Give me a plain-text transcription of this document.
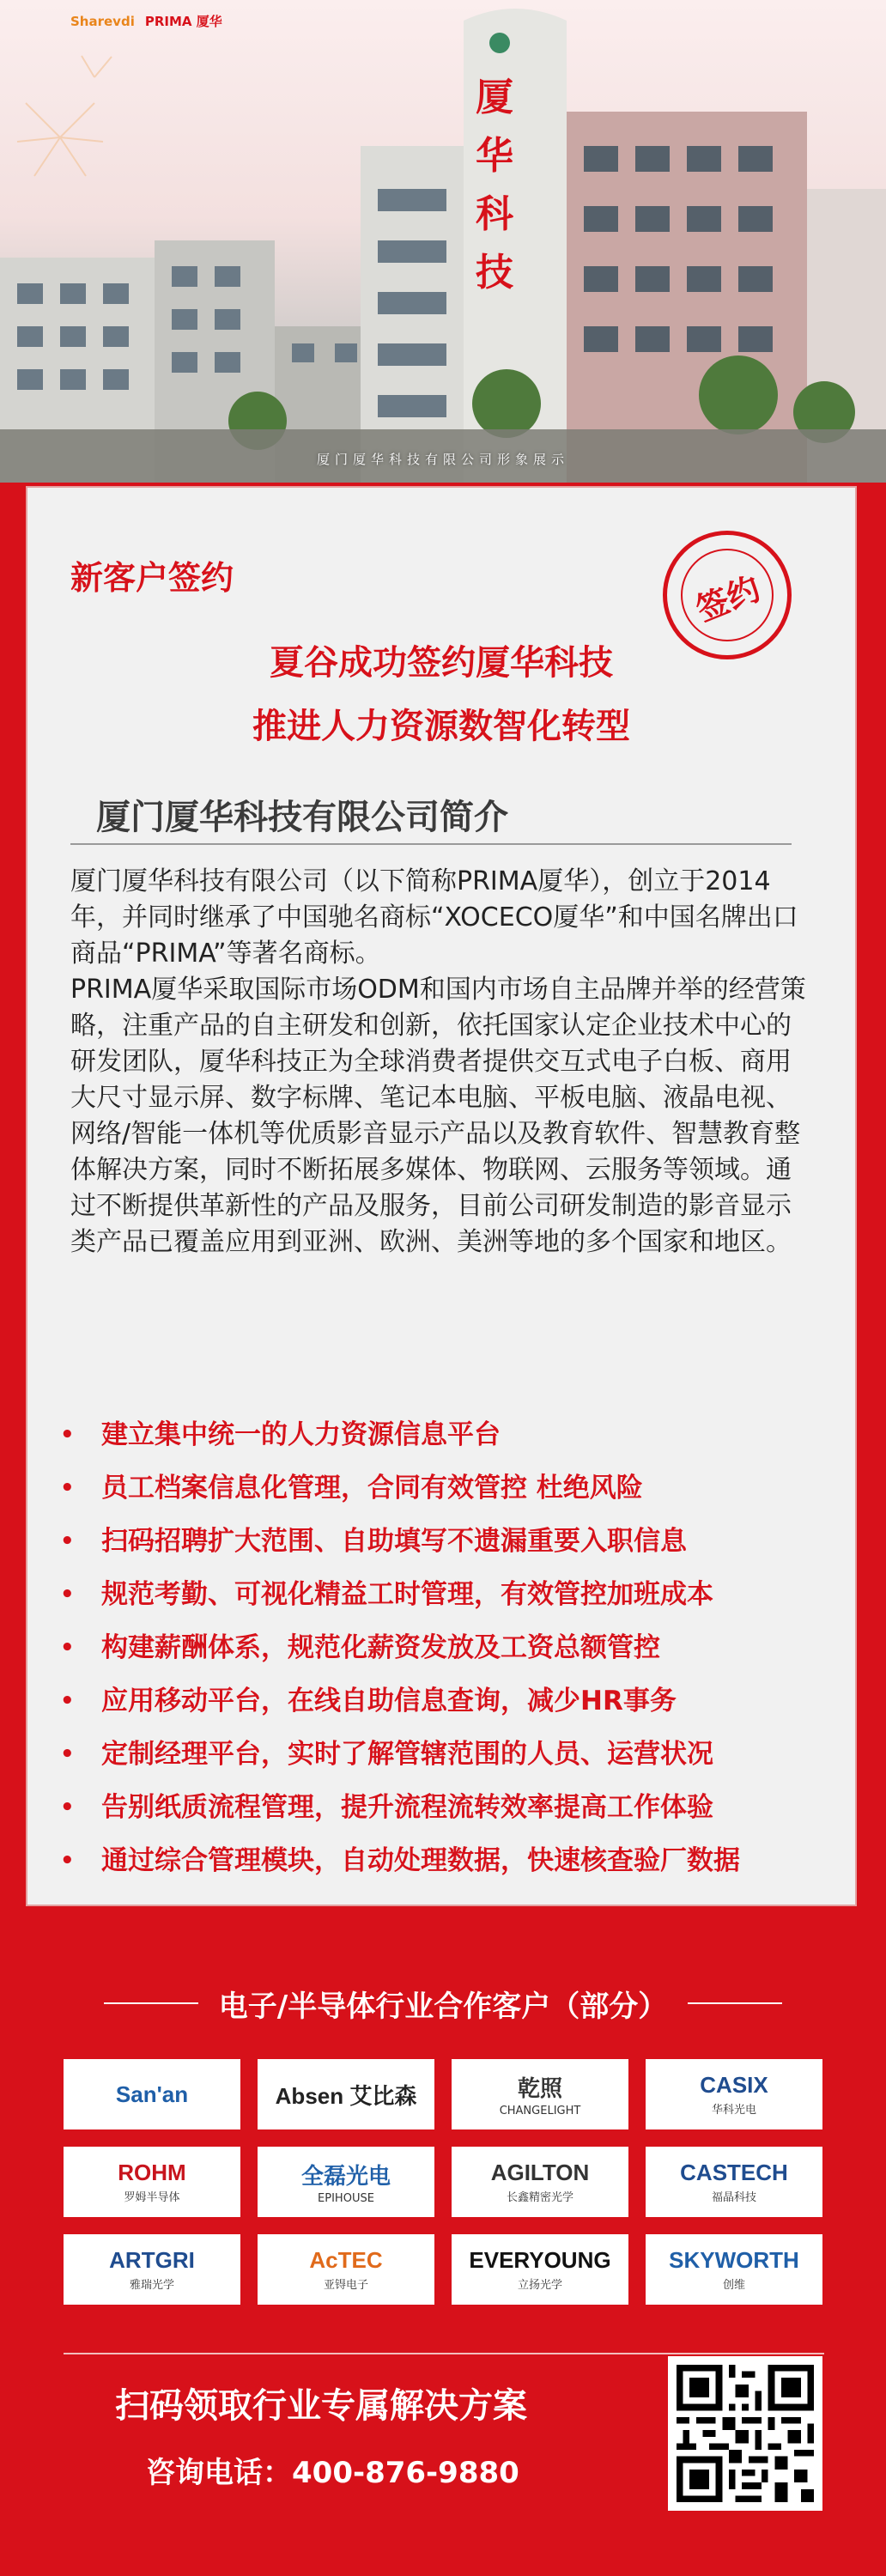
Sharevdi PRIMA 厦华
厦华科技
厦门厦华科技有限公司形象展示
新客户签约	签约
夏谷成功签约厦华科技
推进人力资源数智化转型
厦门厦华科技有限公司简介

厦门厦华科技有限公司（以下简称PRIMA厦华），创立于2014年，并同时继承了中国驰名商标“XOCECO厦华”和中国名牌出口商品“PRIMA”等著名商标。

PRIMA厦华采取国际市场ODM和国内市场自主品牌并举的经营策略，注重产品的自主研发和创新，依托国家认定企业技术中心的研发团队，厦华科技正为全球消费者提供交互式电子白板、商用大尺寸显示屏、数字标牌、笔记本电脑、平板电脑、液晶电视、网络/智能一体机等优质影音显示产品以及教育软件、智慧教育整体解决方案，同时不断拓展多媒体、物联网、云服务等领域。通过不断提供革新性的产品及服务，目前公司研发制造的影音显示类产品已覆盖应用到亚洲、欧洲、美洲等地的多个国家和地区。

• 建立集中统一的人力资源信息平台
• 员工档案信息化管理，合同有效管控 杜绝风险
• 扫码招聘扩大范围、自助填写不遗漏重要入职信息
• 规范考勤、可视化精益工时管理，有效管控加班成本
• 构建薪酬体系，规范化薪资发放及工资总额管控
• 应用移动平台，在线自助信息查询，减少HR事务
• 定制经理平台，实时了解管辖范围的人员、运营状况
• 告别纸质流程管理，提升流程流转效率提高工作体验
• 通过综合管理模块，自动处理数据，快速核查验厂数据
电子/半导体行业合作客户（部分）
San'an	Absen 艾比森	乾照
CHANGELIGHT
CASIX
华科光电
ROHM
罗姆半导体
全磊光电
EPIHOUSE
AGILTON
长鑫精密光学
CASTECH
福晶科技
ARTGRI
雅瑞光学
AcTEC
亚锝电子
EVERYOUNG
立扬光学
SKYWORTH
创维
扫码领取行业专属解决方案
咨询电话：400-876-9880
